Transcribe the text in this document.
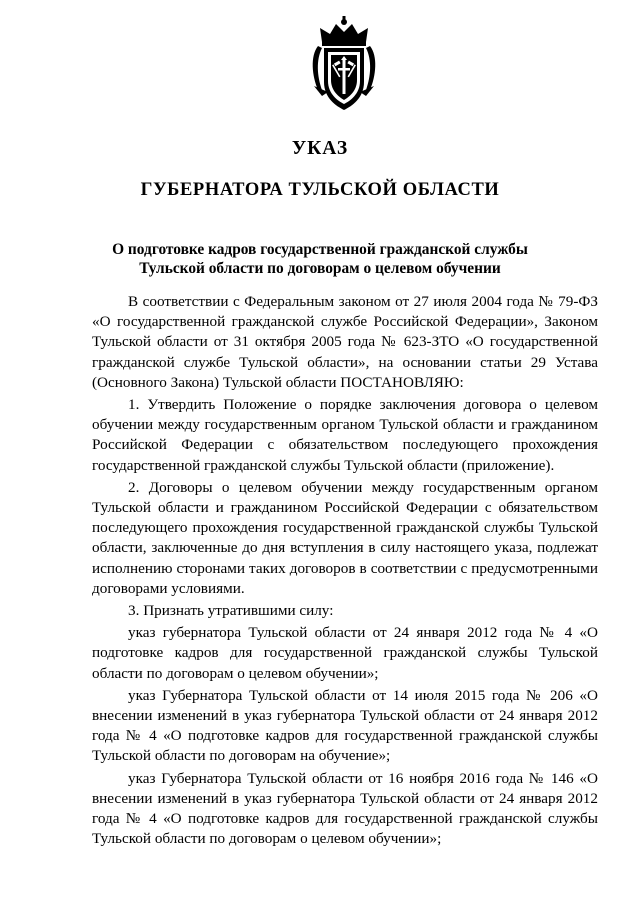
УКАЗ
ГУБЕРНАТОРА ТУЛЬСКОЙ ОБЛАСТИ
О подготовке кадров государственной гражданской службы
Тульской области по договорам о целевом обучении

В соответствии с Федеральным законом от 27 июля 2004 года № 79-ФЗ «О государственной гражданской службе Российской Федерации», Законом Тульской области от 31 октября 2005 года № 623-ЗТО «О государственной гражданской службе Тульской области», на основании статьи 29 Устава (Основного Закона) Тульской области ПОСТАНОВЛЯЮ:

1. Утвердить Положение о порядке заключения договора о целевом обучении между государственным органом Тульской области и гражданином Российской Федерации с обязательством последующего прохождения государственной гражданской службы Тульской области (приложение).

2. Договоры о целевом обучении между государственным органом Тульской области и гражданином Российской Федерации с обязательством последующего прохождения государственной гражданской службы Тульской области, заключенные до дня вступления в силу настоящего указа, подлежат исполнению сторонами таких договоров в соответствии с предусмотренными договорами условиями.

3. Признать утратившими силу:

указ губернатора Тульской области от 24 января 2012 года № 4 «О подготовке кадров для государственной гражданской службы Тульской области по договорам о целевом обучении»;

указ Губернатора Тульской области от 14 июля 2015 года № 206 «О внесении изменений в указ губернатора Тульской области от 24 января 2012 года № 4 «О подготовке кадров для государственной гражданской службы Тульской области по договорам на обучение»;

указ Губернатора Тульской области от 16 ноября 2016 года № 146 «О внесении изменений в указ губернатора Тульской области от 24 января 2012 года № 4 «О подготовке кадров для государственной гражданской службы Тульской области по договорам о целевом обучении»;
